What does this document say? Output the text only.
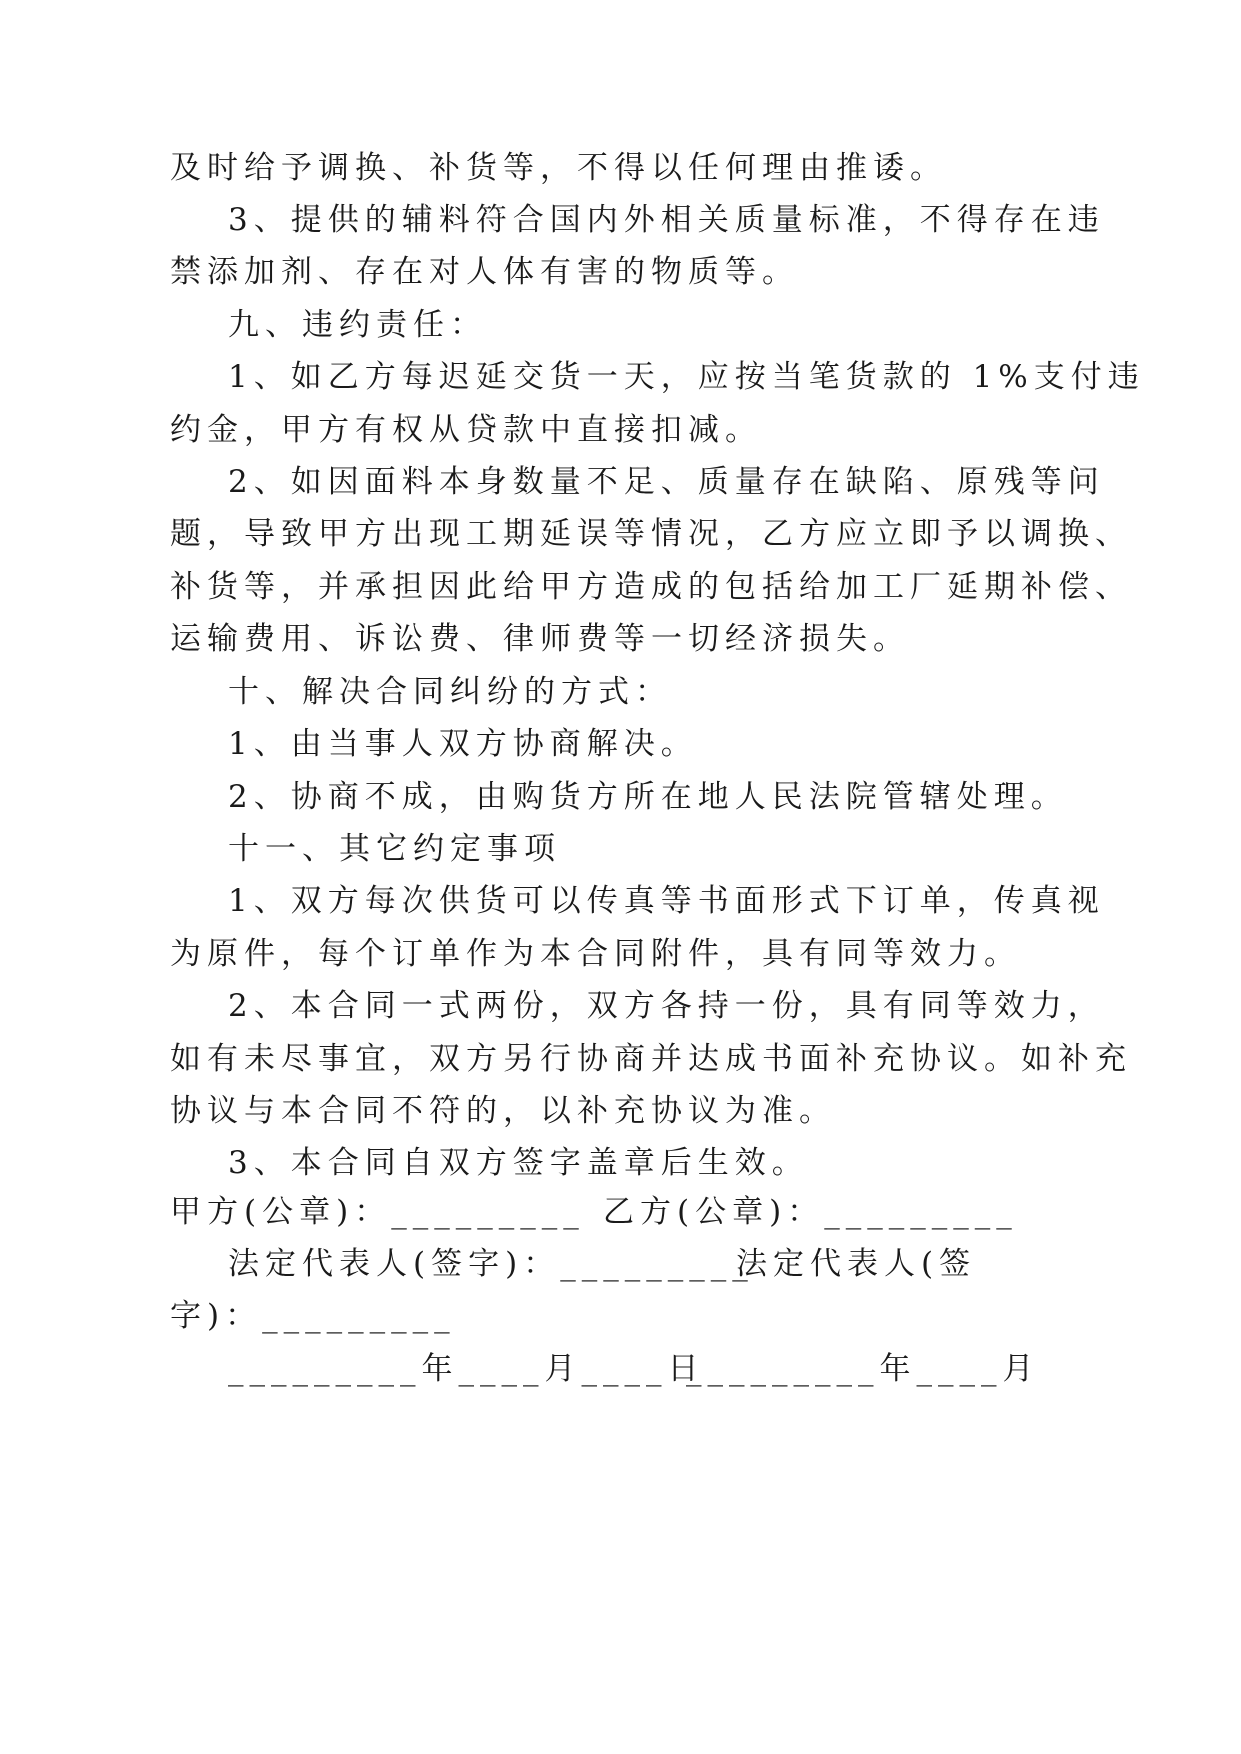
及时给予调换、补货等，不得以任何理由推诿。
3、提供的辅料符合国内外相关质量标准，不得存在违
禁添加剂、存在对人体有害的物质等。
九、违约责任：
1、如乙方每迟延交货一天，应按当笔货款的 1%支付违
约金，甲方有权从贷款中直接扣减。
2、如因面料本身数量不足、质量存在缺陷、原残等问
题，导致甲方出现工期延误等情况，乙方应立即予以调换、
补货等，并承担因此给甲方造成的包括给加工厂延期补偿、
运输费用、诉讼费、律师费等一切经济损失。
十、解决合同纠纷的方式：
1、由当事人双方协商解决。
2、协商不成，由购货方所在地人民法院管辖处理。
十一、其它约定事项
1、双方每次供货可以传真等书面形式下订单，传真视
为原件，每个订单作为本合同附件，具有同等效力。
2、本合同一式两份，双方各持一份，具有同等效力，
如有未尽事宜，双方另行协商并达成书面补充协议。如补充
协议与本合同不符的，以补充协议为准。
3、本合同自双方签字盖章后生效。
甲方(公章)：_________ 乙方(公章)：_________
法定代表人(签字)：_________
法定代表人(签
字)：_________
_________年____月____日
_________年____月
